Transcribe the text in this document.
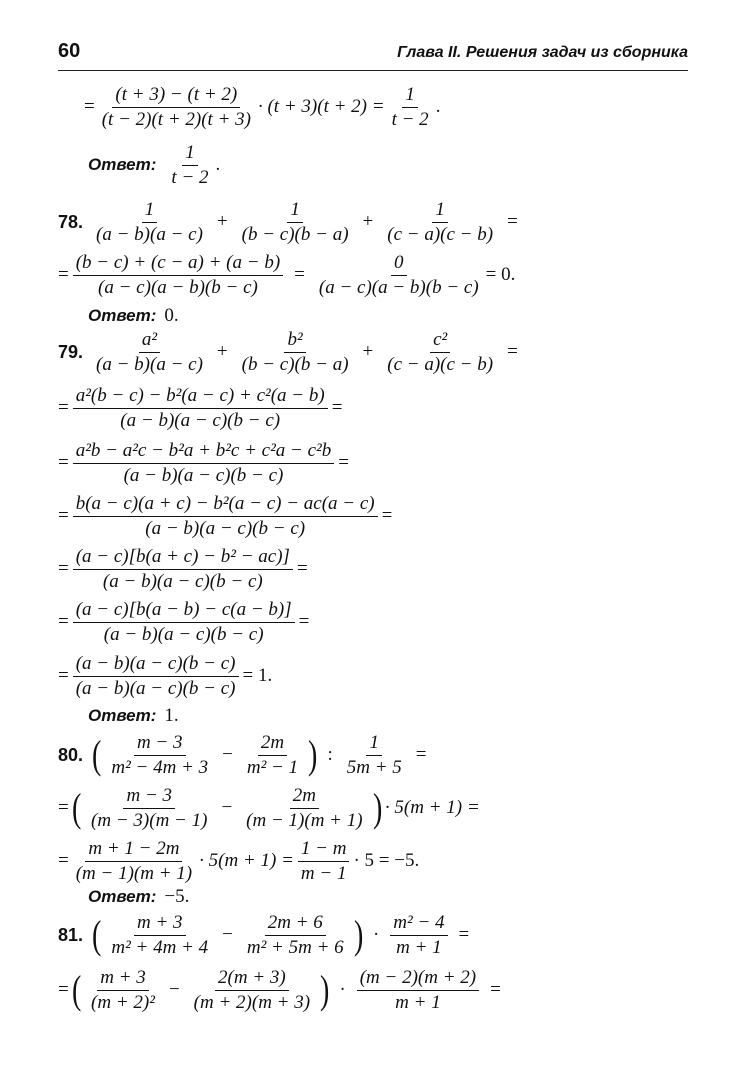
60	Глава II. Решения задач из сборника
= $\frac{(t + 3) - (t + 2)}{(t - 2)(t + 2)(t + 3)} \cdot (t + 3)(t + 2) = \frac{1}{t - 2}$ .
Ответ: $\frac{1}{t - 2}$ .
78. $\frac{1}{(a - b)(a - c)} + \frac{1}{(b - c)(b - a)} + \frac{1}{(c - a)(c - b)}$ =
= $\frac{(b - c) + (c - a) + (a - b)}{(a - c)(a - b)(b - c)} = \frac{0}{(a - c)(a - b)(b - c)} = 0$.
Ответ: 0.
79. $\frac{\text{a²}}{(a - b)(a - c)} + \frac{\text{b²}}{(b - c)(b - a)} + \frac{\text{c²}}{(c - a)(c - b)}$ =
= $\frac{\text{a²(b − c) − b²(a − c) + c²(a − b)}}{(a - b)(a - c)(b - c)}$ =
= $\frac{\text{a²b − a²c − b²a + b²c + c²a − c²b}}{(a - b)(a - c)(b - c)}$ =
= $\frac{\text{b(a − c)(a + c) − b²(a − c) − ac(a − c)}}{(a - b)(a - c)(b - c)}$ =
= $\frac{\text{(a − c)[b(a + c) − b² − ac)]}}{(a - b)(a - c)(b - c)}$ =
= $\frac{(a - c)[b(a - b) - c(a - b)]}{(a - b)(a - c)(b - c)}$ =
= $\frac{(a - b)(a - c)(b - c)}{(a - b)(a - c)(b - c)} = 1$.
Ответ: 1.
80. ( $\frac{m - 3}{\text{m² − 4m + 3}} - \frac{2m}{\text{m² − 1}}$ ) : $\frac{1}{5m + 5}$ =
= ( $\frac{m - 3}{(m - 3)(m - 1)} - \frac{2m}{(m - 1)(m + 1)}$ ) · 5(m + 1) =
= $\frac{m + 1 - 2m}{(m - 1)(m + 1)} \cdot 5(m + 1) = \frac{1 - m}{m - 1} \cdot 5 = -5$.
Ответ: −5.
81. ( $\frac{m + 3}{\text{m² + 4m + 4}} - \frac{2m + 6}{\text{m² + 5m + 6}}$ ) · $\frac{\text{m² − 4}}{m + 1}$ =
= ( $\frac{m + 3}{\text{(m + 2)²}} - \frac{2(m + 3)}{(m + 2)(m + 3)}$ ) · $\frac{(m - 2)(m + 2)}{m + 1}$ =
